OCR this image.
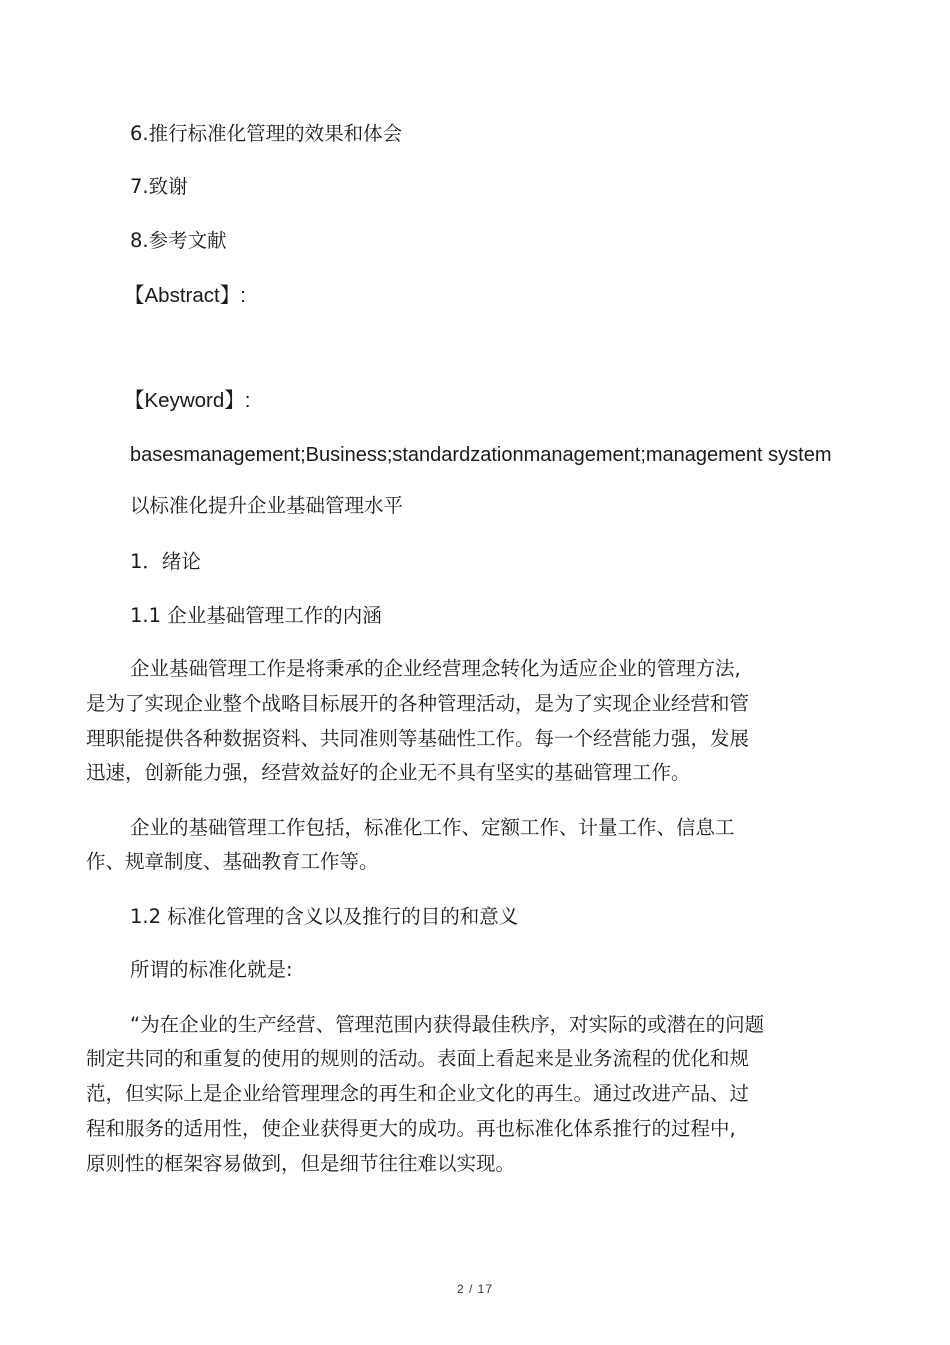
6.推行标准化管理的效果和体会

7.致谢

8.参考文献

【Abstract】:

【Keyword】:

basesmanagement;Business;standardzationmanagement;management system

以标准化提升企业基础管理水平

1．绪论

1.1 企业基础管理工作的内涵

企业基础管理工作是将秉承的企业经营理念转化为适应企业的管理方法,

是为了实现企业整个战略目标展开的各种管理活动，是为了实现企业经营和管

理职能提供各种数据资料、共同准则等基础性工作。每一个经营能力强，发展

迅速，创新能力强，经营效益好的企业无不具有坚实的基础管理工作。

企业的基础管理工作包括，标准化工作、定额工作、计量工作、信息工

作、规章制度、基础教育工作等。

1.2 标准化管理的含义以及推行的目的和意义

所谓的标准化就是:

“为在企业的生产经营、管理范围内获得最佳秩序，对实际的或潜在的问题

制定共同的和重复的使用的规则的活动。表面上看起来是业务流程的优化和规

范，但实际上是企业给管理理念的再生和企业文化的再生。通过改进产品、过

程和服务的适用性，使企业获得更大的成功。再也标准化体系推行的过程中,

原则性的框架容易做到，但是细节往往难以实现。

2 / 17
